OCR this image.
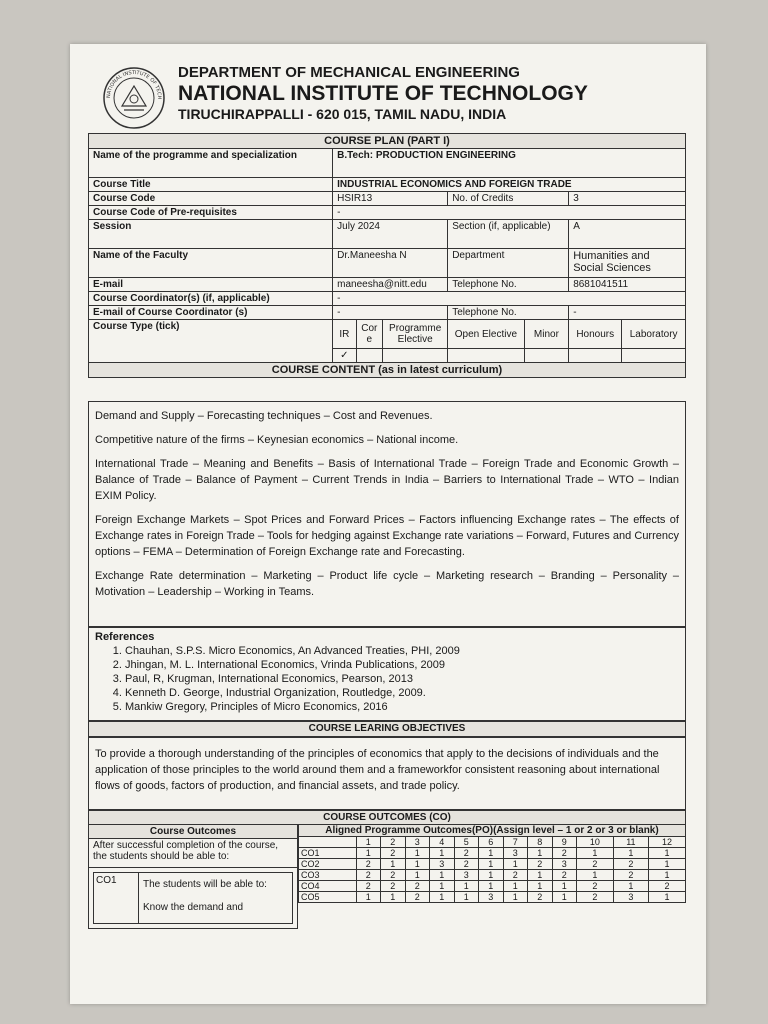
NATIONAL INSTITUTE OF TECH
DEPARTMENT OF MECHANICAL ENGINEERING
NATIONAL INSTITUTE OF TECHNOLOGY
TIRUCHIRAPPALLI - 620 015, TAMIL NADU, INDIA
COURSE PLAN (PART I)							
Name of the programme and specialization	B.Tech: PRODUCTION ENGINEERING						
Course Title	INDUSTRIAL ECONOMICS AND FOREIGN TRADE						
Course Code	HSIR13			No. of Credits		3	
Course Code of Pre-requisites	-						
Session	July 2024			Section (if, applicable)		A	
Name of the Faculty	Dr.Maneesha N			Department		Humanities and Social Sciences	
E-mail	maneesha@nitt.edu			Telephone No.		8681041511	
Course Coordinator(s) (if, applicable)	-						
E-mail of Course Coordinator (s)	-			Telephone No.		-	
Course Type (tick)	IR	Cor e	Programme Elective	Open Elective	Minor	Honours	Laboratory
	✓						
COURSE CONTENT (as in latest curriculum)							

Demand and Supply – Forecasting techniques – Cost and Revenues.

Competitive nature of the firms – Keynesian economics – National income.

International Trade – Meaning and Benefits – Basis of International Trade – Foreign Trade and Economic Growth – Balance of Trade – Balance of Payment – Current Trends in India – Barriers to International Trade – WTO – Indian EXIM Policy.

Foreign Exchange Markets – Spot Prices and Forward Prices – Factors influencing Exchange rates – The effects of Exchange rates in Foreign Trade – Tools for hedging against Exchange rate variations – Forward, Futures and Currency options – FEMA – Determination of Foreign Exchange rate and Forecasting.

Exchange Rate determination – Marketing – Product life cycle – Marketing research – Branding – Personality – Motivation – Leadership – Working in Teams.

References
1. Chauhan, S.P.S. Micro Economics, An Advanced Treaties, PHI, 2009
2. Jhingan, M. L. International Economics, Vrinda Publications, 2009
3. Paul, R, Krugman, International Economics, Pearson, 2013
4. Kenneth D. George, Industrial Organization, Routledge, 2009.
5. Mankiw Gregory, Principles of Micro Economics, 2016
COURSE LEARING OBJECTIVES
To provide a thorough understanding of the principles of economics that apply to the decisions of individuals and the application of those principles to the world around them and a frameworkfor consistent reasoning about international flows of goods, factors of production, and financial assets, and trade policy.
COURSE OUTCOMES (CO)
Course Outcomes
After successful completion of the course, the students should be able to:

CO1	The students will be able to:
Know the demand and
Aligned Programme Outcomes(PO)(Assign level – 1 or 2 or 3 or blank)												
	1	2	3	4	5	6	7	8	9	10	11	12
CO1	1	2	1	1	2	1	3	1	2	1	1	1
CO2	2	1	1	3	2	1	1	2	3	2	2	1
CO3	2	2	1	1	3	1	2	1	2	1	2	1
CO4	2	2	2	1	1	1	1	1	1	2	1	2
CO5	1	1	2	1	1	3	1	2	1	2	3	1
